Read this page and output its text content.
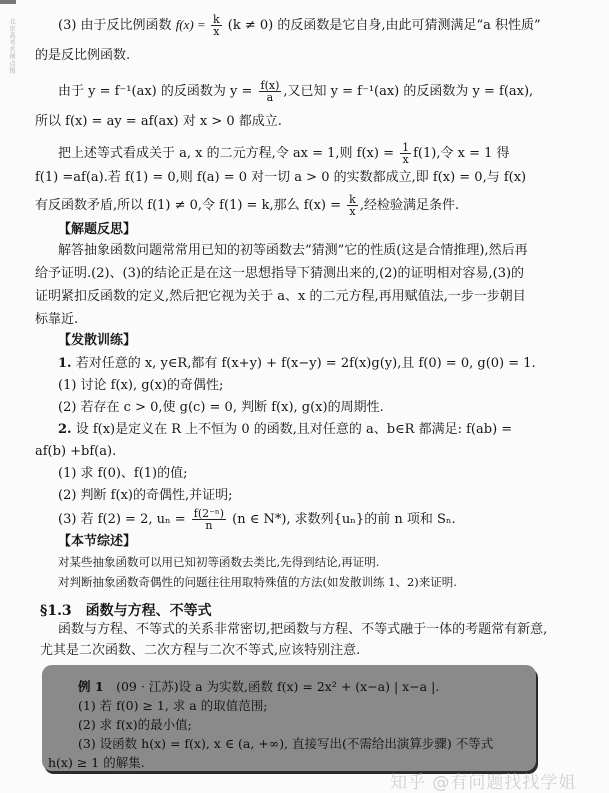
北京高考名师点拨	(3) 由于反比例函数 $f(x) = \frac{k}{x} (k \ne 0)$ 的反函数是它自身,由此可猜测满足“a 积性质”
的是反比例函数.
由于 y = f⁻¹(ax) 的反函数为 $y = \frac{f(x)}{a}$ ,又已知 y = f⁻¹(ax) 的反函数为 y = f(ax),
所以 f(x) = ay = af(ax) 对 x > 0 都成立.
把上述等式看成关于 a, x 的二元方程,令 ax = 1,则 $f(x) = \frac{1}{x} f(1)$,令 x = 1 得
f(1) =af(a).若 f(1) = 0,则 f(a) = 0 对一切 a > 0 的实数都成立,即 f(x) = 0,与 f(x)
有反函数矛盾,所以 f(1) ≠ 0,令 f(1) = k,那么 $f(x) = \frac{k}{x}$ ,经检验满足条件.
【解题反思】
解答抽象函数问题常常用已知的初等函数去“猜测”它的性质(这是合情推理),然后再
给予证明.(2)、(3)的结论正是在这一思想指导下猜测出来的,(2)的证明相对容易,(3)的
证明紧扣反函数的定义,然后把它视为关于 a、x 的二元方程,再用赋值法,一步一步朝目
标靠近.
【发散训练】
1. 若对任意的 x, y∈R,都有 f(x+y) + f(x−y) = 2f(x)g(y),且 f(0) = 0, g(0) = 1.
(1) 讨论 f(x), g(x)的奇偶性;
(2) 若存在 c > 0,使 g(c) = 0, 判断 f(x), g(x)的周期性.
2. 设 f(x)是定义在 R 上不恒为 0 的函数,且对任意的 a、b∈R 都满足: f(ab) =
af(b) +bf(a).
(1) 求 f(0)、f(1)的值;
(2) 判断 f(x)的奇偶性,并证明;
(3) 若 f(2) = 2, $u_n = \frac{\text{f(2⁻ⁿ)}}{n} (n$ ∈ N*), 求数列{uₙ}的前 n 项和 Sₙ.
【本节综述】
对某些抽象函数可以用已知初等函数去类比,先得到结论,再证明.
对判断抽象函数奇偶性的问题往往用取特殊值的方法(如发散训练 1、2)来证明.
§1.3　函数与方程、不等式
函数与方程、不等式的关系非常密切,把函数与方程、不等式融于一体的考题常有新意,
尤其是二次函数、二次方程与二次不等式,应该特别注意.
例 1　(09 · 江苏)设 a 为实数,函数 f(x) = 2x² + (x−a) | x−a |.
(1) 若 f(0) ≥ 1, 求 a 的取值范围;
(2) 求 f(x)的最小值;
(3) 设函数 h(x) = f(x), x ∈ (a, +∞), 直接写出(不需给出演算步骤) 不等式
h(x) ≥ 1 的解集.
知乎 @有问题找找学姐
